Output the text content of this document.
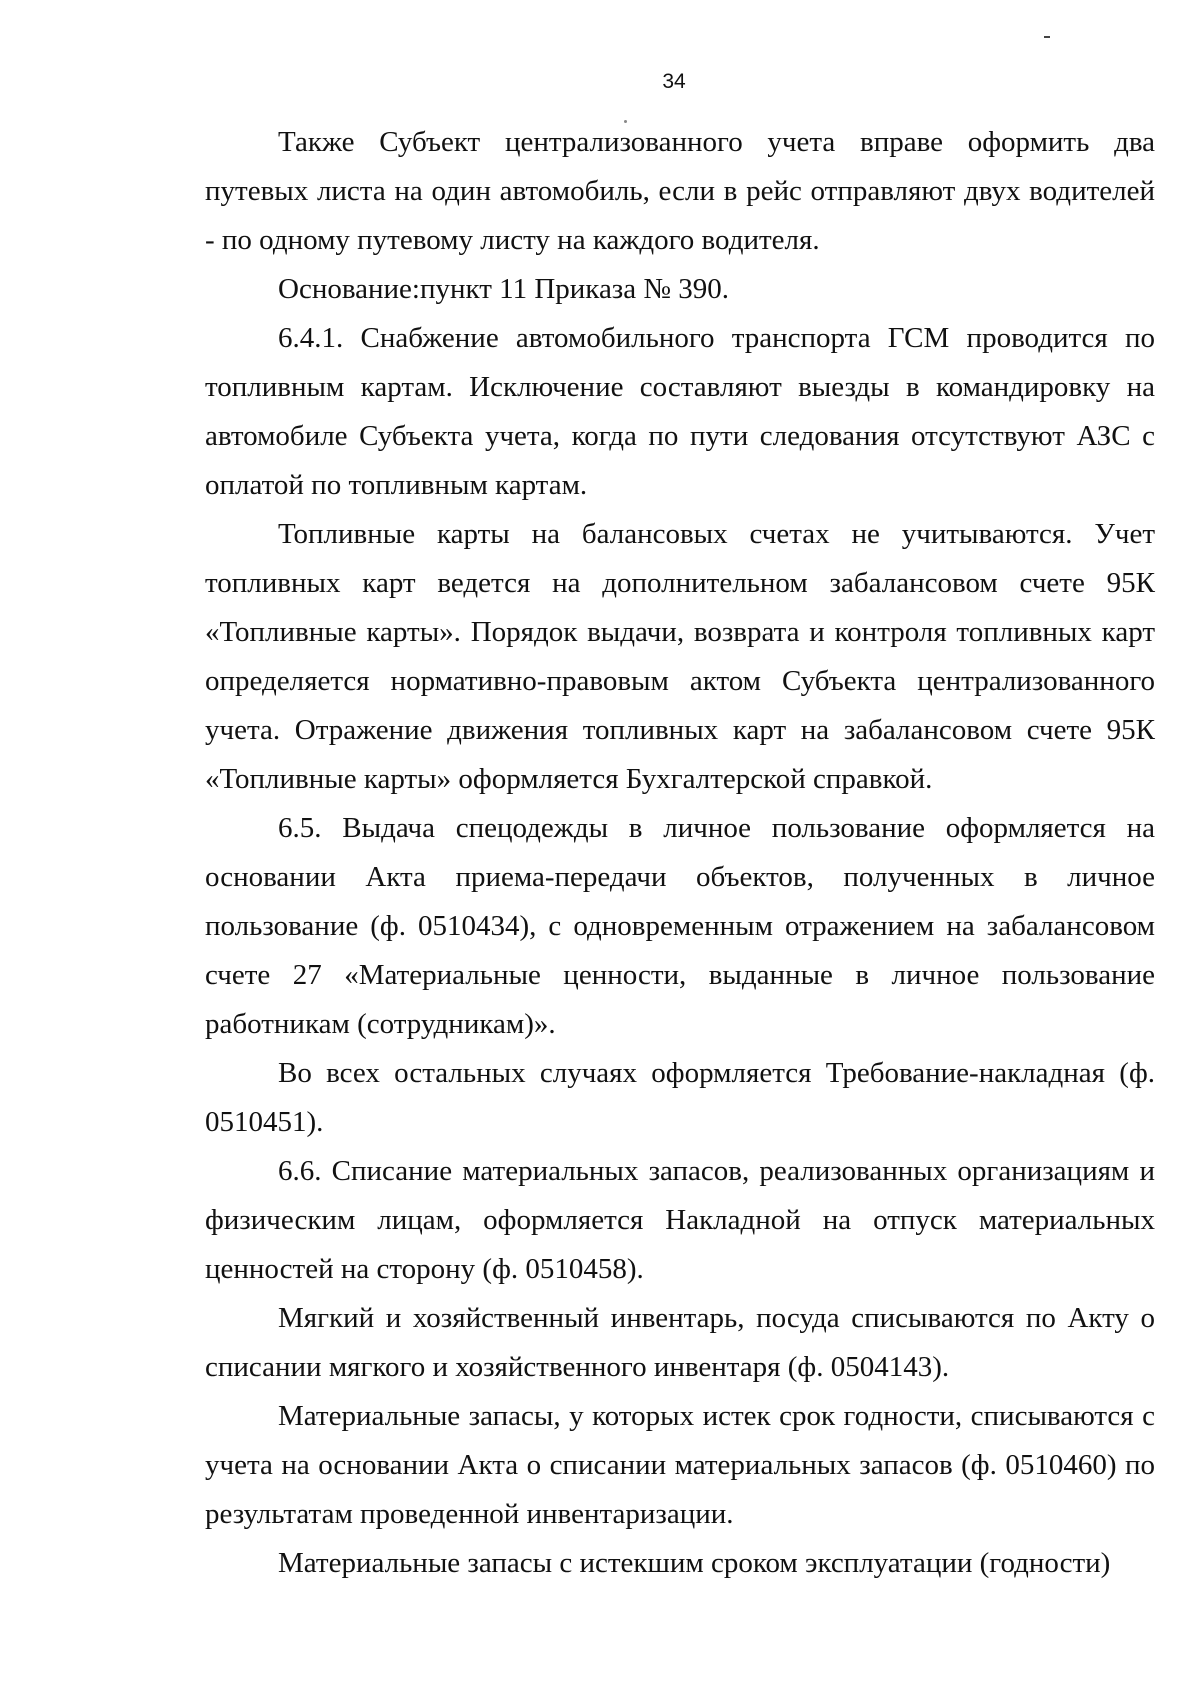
34

Также Субъект централизованного учета вправе оформить два путевых листа на один автомобиль, если в рейс отправляют двух водителей - по одному путевому листу на каждого водителя.

Основание:пункт 11 Приказа № 390.

6.4.1. Снабжение автомобильного транспорта ГСМ проводится по топливным картам. Исключение составляют выезды в командировку на автомобиле Субъекта учета, когда по пути следования отсутствуют АЗС с оплатой по топливным картам.

Топливные карты на балансовых счетах не учитываются. Учет топливных карт ведется на дополнительном забалансовом счете 95К «Топливные карты». Порядок выдачи, возврата и контроля топливных карт определяется нормативно-правовым актом Субъекта централизованного учета. Отражение движения топливных карт на забалансовом счете 95К «Топливные карты» оформляется Бухгалтерской справкой.

6.5. Выдача спецодежды в личное пользование оформляется на основании Акта приема-передачи объектов, полученных в личное пользование (ф. 0510434), с одновременным отражением на забалансовом счете 27 «Материальные ценности, выданные в личное пользование работникам (сотрудникам)».

Во всех остальных случаях оформляется Требование-накладная (ф. 0510451).

6.6. Списание материальных запасов, реализованных организациям и физическим лицам, оформляется Накладной на отпуск материальных ценностей на сторону (ф. 0510458).

Мягкий и хозяйственный инвентарь, посуда списываются по Акту о списании мягкого и хозяйственного инвентаря (ф. 0504143).

Материальные запасы, у которых истек срок годности, списываются с учета на основании Акта о списании материальных запасов (ф. 0510460) по результатам проведенной инвентаризации.

Материальные запасы с истекшим сроком эксплуатации (годности)
